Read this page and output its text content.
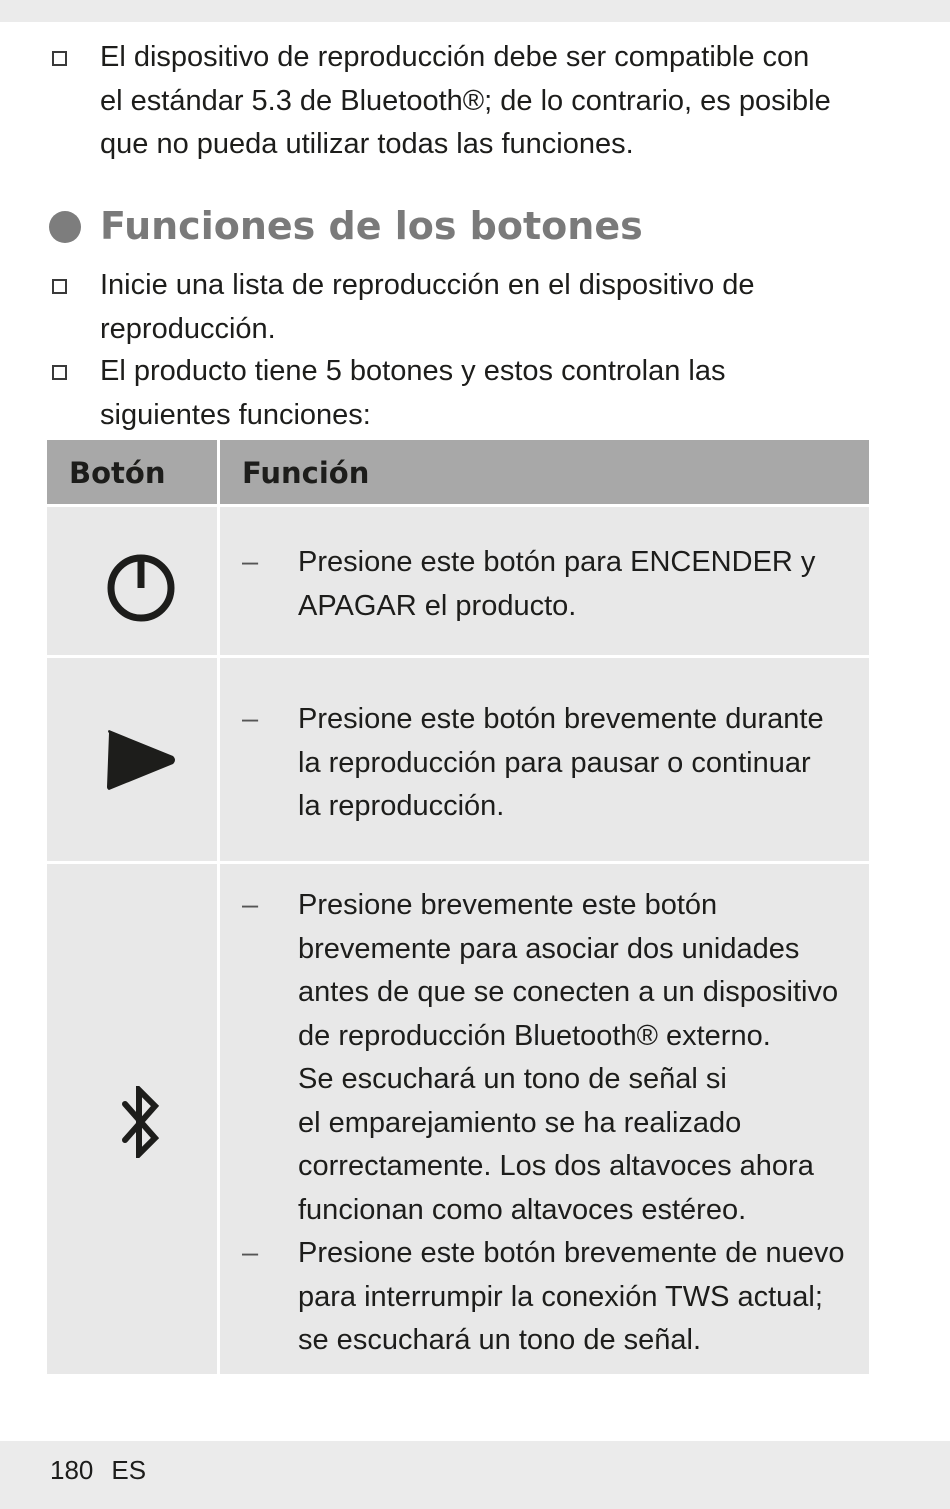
El dispositivo de reproducción debe ser compatible con
el estándar 5.3 de Bluetooth®; de lo contrario, es posible
que no pueda utilizar todas las funciones.
Funciones de los botones
Inicie una lista de reproducción en el dispositivo de
reproducción.
El producto tiene 5 botones y estos controlan las
siguientes funciones:
Botón	Función
– Presione este botón para ENCENDER y
APAGAR el producto.
– Presione este botón brevemente durante
la reproducción para pausar o continuar
la reproducción.
– Presione brevemente este botón
brevemente para asociar dos unidades
antes de que se conecten a un dispositivo
de reproducción Bluetooth® externo.
Se escuchará un tono de señal si
el emparejamiento se ha realizado
correctamente. Los dos altavoces ahora
funcionan como altavoces estéreo.
– Presione este botón brevemente de nuevo
para interrumpir la conexión TWS actual;
se escuchará un tono de señal.
180 ES
